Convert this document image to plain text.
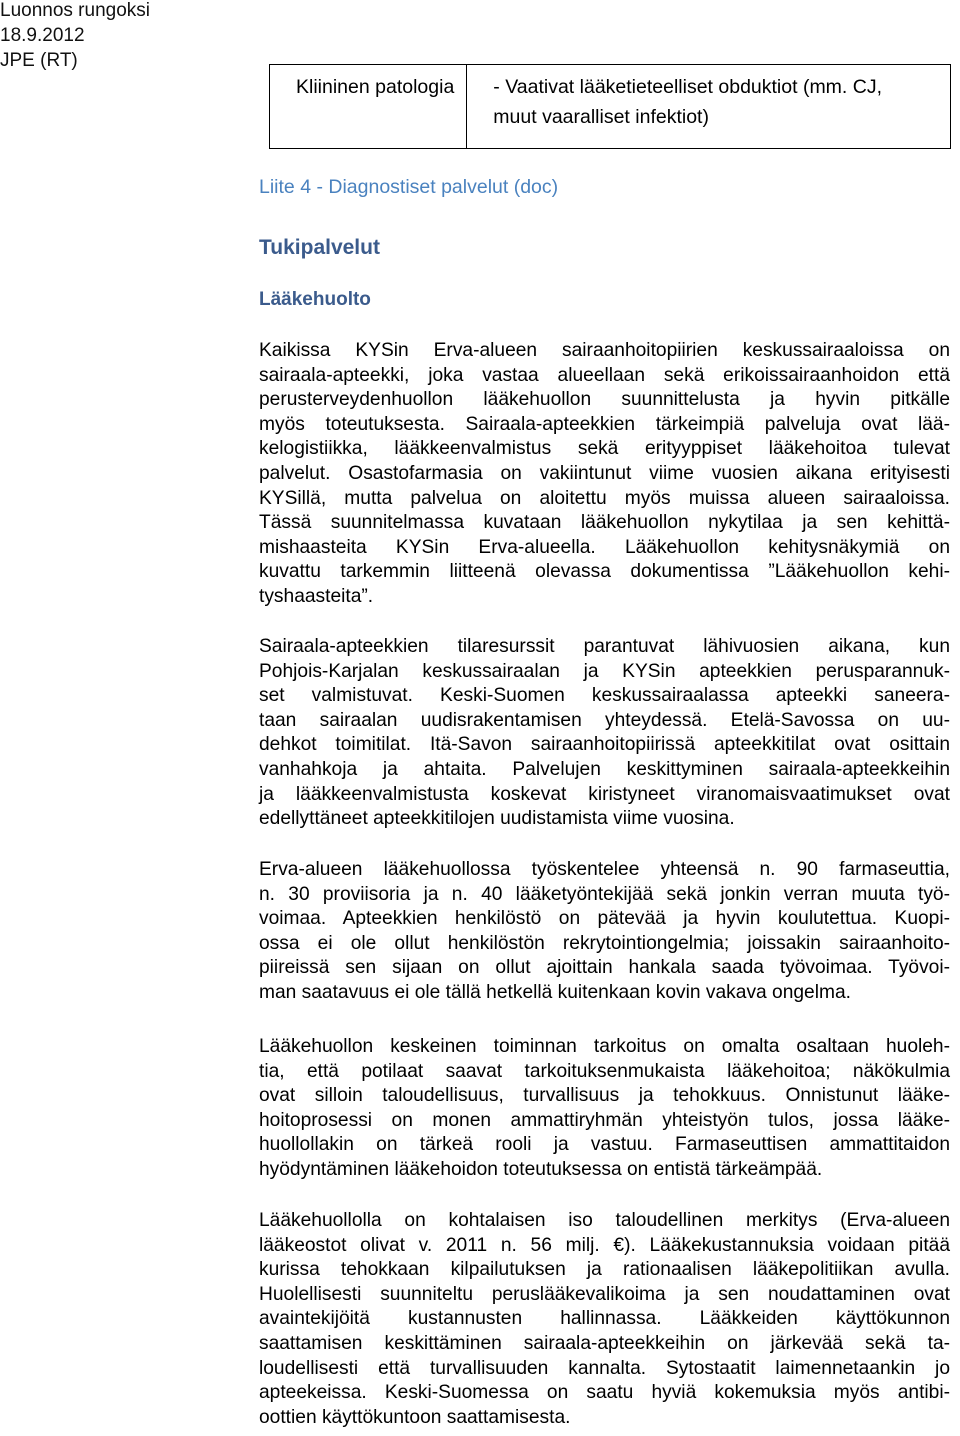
Luonnos rungoksi
18.9.2012
JPE (RT)
Kliininen patologia	- Vaativat lääketieteelliset obduktiot (mm. CJ,
muut vaaralliset infektiot)
Liite 4 - Diagnostiset palvelut (doc)
Tukipalvelut
Lääkehuolto
Kaikissa KYSin Erva-alueen sairaanhoitopiirien keskussairaaloissa on
sairaala-apteekki, joka vastaa alueellaan sekä erikoissairaanhoidon että
perusterveydenhuollon lääkehuollon suunnittelusta ja hyvin pitkälle
myös toteutuksesta. Sairaala-apteekkien tärkeimpiä palveluja ovat lää-
kelogistiikka, lääkkeenvalmistus sekä erityyppiset lääkehoitoa tulevat
palvelut. Osastofarmasia on vakiintunut viime vuosien aikana erityisesti
KYSillä, mutta palvelua on aloitettu myös muissa alueen sairaaloissa.
Tässä suunnitelmassa kuvataan lääkehuollon nykytilaa ja sen kehittä-
mishaasteita KYSin Erva-alueella. Lääkehuollon kehitysnäkymiä on
kuvattu tarkemmin liitteenä olevassa dokumentissa ”Lääkehuollon kehi-
tyshaasteita”.
Sairaala-apteekkien tilaresurssit parantuvat lähivuosien aikana, kun
Pohjois-Karjalan keskussairaalan ja KYSin apteekkien perusparannuk-
set valmistuvat. Keski-Suomen keskussairaalassa apteekki saneera-
taan sairaalan uudisrakentamisen yhteydessä. Etelä-Savossa on uu-
dehkot toimitilat. Itä-Savon sairaanhoitopiirissä apteekkitilat ovat osittain
vanhahkoja ja ahtaita. Palvelujen keskittyminen sairaala-apteekkeihin
ja lääkkeenvalmistusta koskevat kiristyneet viranomaisvaatimukset ovat
edellyttäneet apteekkitilojen uudistamista viime vuosina.
Erva-alueen lääkehuollossa työskentelee yhteensä n. 90 farmaseuttia,
n. 30 proviisoria ja n. 40 lääketyöntekijää sekä jonkin verran muuta työ-
voimaa. Apteekkien henkilöstö on pätevää ja hyvin koulutettua. Kuopi-
ossa ei ole ollut henkilöstön rekrytointiongelmia; joissakin sairaanhoito-
piireissä sen sijaan on ollut ajoittain hankala saada työvoimaa. Työvoi-
man saatavuus ei ole tällä hetkellä kuitenkaan kovin vakava ongelma.
Lääkehuollon keskeinen toiminnan tarkoitus on omalta osaltaan huoleh-
tia, että potilaat saavat tarkoituksenmukaista lääkehoitoa; näkökulmia
ovat silloin taloudellisuus, turvallisuus ja tehokkuus. Onnistunut lääke-
hoitoprosessi on monen ammattiryhmän yhteistyön tulos, jossa lääke-
huollollakin on tärkeä rooli ja vastuu. Farmaseuttisen ammattitaidon
hyödyntäminen lääkehoidon toteutuksessa on entistä tärkeämpää.
Lääkehuollolla on kohtalaisen iso taloudellinen merkitys (Erva-alueen
lääkeostot olivat v. 2011 n. 56 milj. €). Lääkekustannuksia voidaan pitää
kurissa tehokkaan kilpailutuksen ja rationaalisen lääkepolitiikan avulla.
Huolellisesti suunniteltu peruslääkevalikoima ja sen noudattaminen ovat
avaintekijöitä kustannusten hallinnassa. Lääkkeiden käyttökunnon
saattamisen keskittäminen sairaala-apteekkeihin on järkevää sekä ta-
loudellisesti että turvallisuuden kannalta. Sytostaatit laimennetaankin jo
apteekeissa. Keski-Suomessa on saatu hyviä kokemuksia myös antibi-
oottien käyttökuntoon saattamisesta.
